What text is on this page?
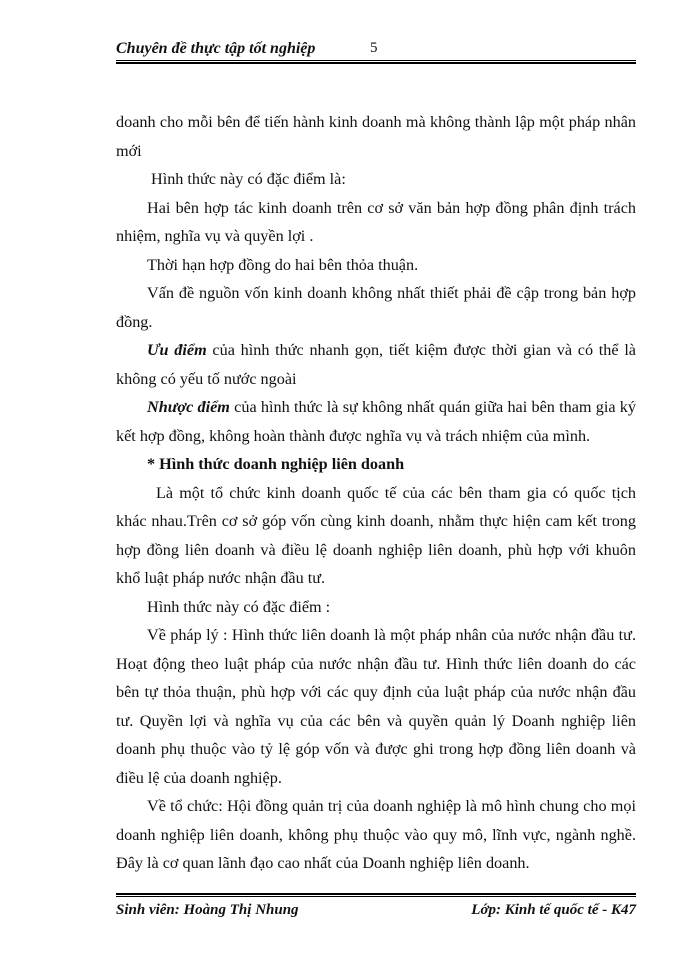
Chuyên đề thực tập tốt nghiệp	5

doanh cho mỗi bên để tiến hành kinh doanh mà không thành lập một pháp nhân mới

Hình thức này có đặc điểm là:

Hai bên hợp tác kinh doanh trên cơ sở văn bản hợp đồng phân định trách nhiệm, nghĩa vụ và quyền lợi .

Thời hạn hợp đồng do hai bên thỏa thuận.

Vấn đề nguồn vốn kinh doanh không nhất thiết phải đề cập trong bản hợp đồng.

Ưu điểm của hình thức nhanh gọn, tiết kiệm được thời gian và có thể là không có yếu tố nước ngoài

Nhược điểm của hình thức là sự không nhất quán giữa hai bên tham gia ký kết hợp đồng, không hoàn thành được nghĩa vụ và trách nhiệm của mình.

* Hình thức doanh nghiệp liên doanh

Là một tổ chức kinh doanh quốc tế của các bên tham gia có quốc tịch khác nhau.Trên cơ sở góp vốn cùng kinh doanh, nhằm thực hiện cam kết trong hợp đồng liên doanh và điều lệ doanh nghiệp liên doanh, phù hợp với khuôn khổ luật pháp nước nhận đầu tư.

Hình thức này có đặc điểm :

Về pháp lý : Hình thức liên doanh là một pháp nhân của nước nhận đầu tư. Hoạt động theo luật pháp của nước nhận đầu tư. Hình thức liên doanh do các bên tự thỏa thuận, phù hợp với các quy định của luật pháp của nước nhận đầu tư. Quyền lợi và nghĩa vụ của các bên và quyền quản lý Doanh nghiệp liên doanh phụ thuộc vào tỷ lệ góp vốn và được ghi trong hợp đồng liên doanh và điều lệ của doanh nghiệp.

Về tổ chức: Hội đồng quản trị của doanh nghiệp là mô hình chung cho mọi doanh nghiệp liên doanh, không phụ thuộc vào quy mô, lĩnh vực, ngành nghề. Đây là cơ quan lãnh đạo cao nhất của Doanh nghiệp liên doanh.

Sinh viên: Hoàng Thị Nhung	Lớp: Kinh tế quốc tế - K47
